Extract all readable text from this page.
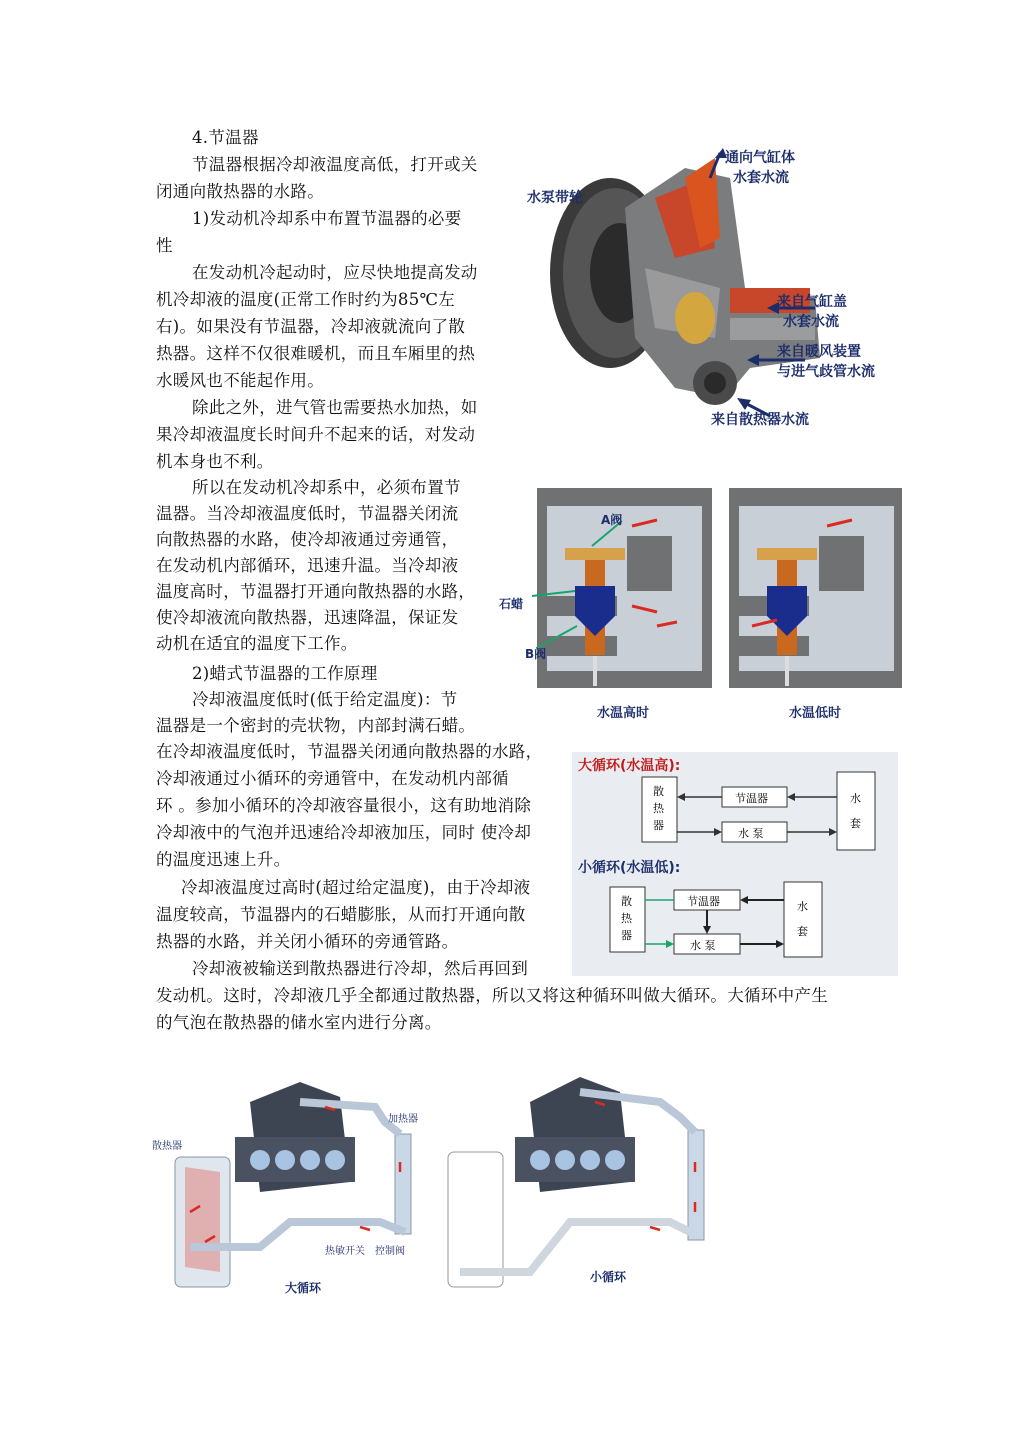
4.节温器
节温器根据冷却液温度高低，打开或关
闭通向散热器的水路。
1)发动机冷却系中布置节温器的必要
性
在发动机冷起动时，应尽快地提高发动
机冷却液的温度(正常工作时约为85℃左
右)。如果没有节温器，冷却液就流向了散
热器。这样不仅很难暖机，而且车厢里的热
水暖风也不能起作用。
除此之外，进气管也需要热水加热，如
果冷却液温度长时间升不起来的话，对发动
机本身也不利。
所以在发动机冷却系中，必须布置节
温器。当冷却液温度低时，节温器关闭流
向散热器的水路，使冷却液通过旁通管，
在发动机内部循环，迅速升温。当冷却液
温度高时，节温器打开通向散热器的水路，
使冷却液流向散热器，迅速降温，保证发
动机在适宜的温度下工作。
2)蜡式节温器的工作原理
冷却液温度低时(低于给定温度)：节
温器是一个密封的壳状物，内部封满石蜡。
在冷却液温度低时，节温器关闭通向散热器的水路，
冷却液通过小循环的旁通管中，在发动机内部循
环 。参加小循环的冷却液容量很小，这有助地消除
冷却液中的气泡并迅速给冷却液加压，同时 使冷却
的温度迅速上升。
冷却液温度过高时(超过给定温度)，由于冷却液
温度较高，节温器内的石蜡膨胀，从而打开通向散
热器的水路，并关闭小循环的旁通管路。
冷却液被输送到散热器进行冷却，然后再回到
发动机。这时，冷却液几乎全都通过散热器，所以又将这种循环叫做大循环。大循环中产生
的气泡在散热器的储水室内进行分离。
水泵带轮
通向气缸体
水套水流
来自气缸盖
水套水流
来自暖风装置
与进气歧管水流
来自散热器水流
A阀
石蜡
B阀
水温高时	水温低时
大循环(水温高):
散
热
器
节温器
水 泵
水
套
小循环(水温低):
散
热
器
节温器
水 泵
水
套
散热器
加热器
热敏开关 控制阀
大循环
小循环
